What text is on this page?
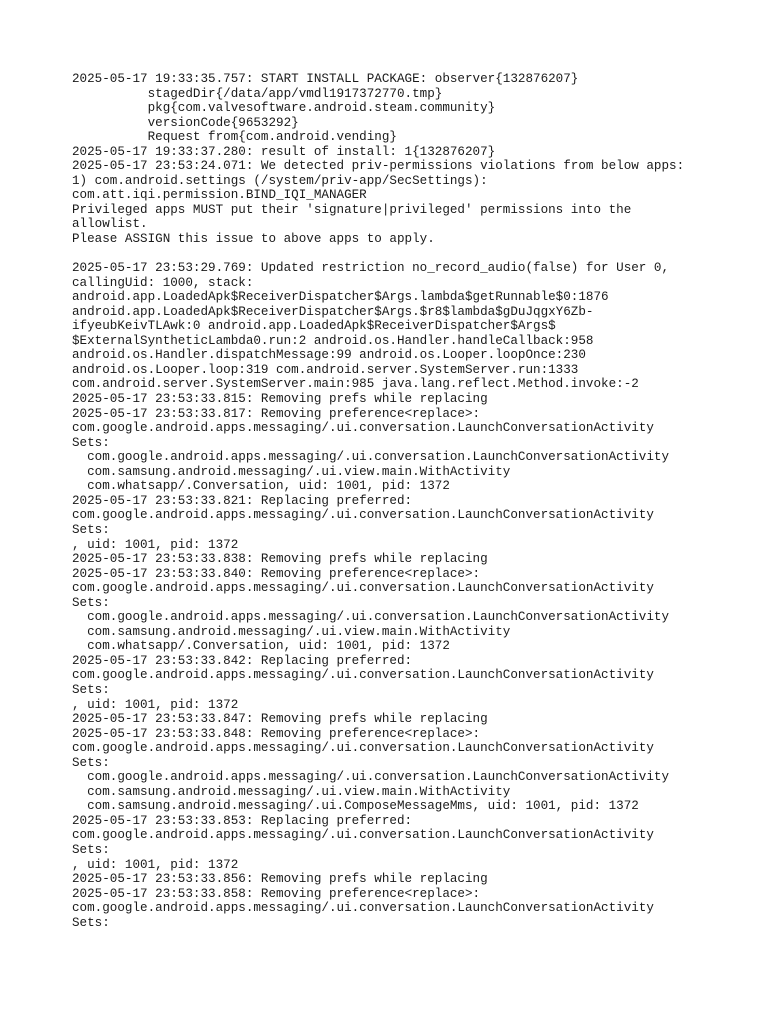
2025-05-17 19:33:35.757: START INSTALL PACKAGE: observer{132876207}
stagedDir{/data/app/vmdl1917372770.tmp}
pkg{com.valvesoftware.android.steam.community}
versionCode{9653292}
Request from{com.android.vending}
2025-05-17 19:33:37.280: result of install: 1{132876207}
2025-05-17 23:53:24.071: We detected priv-permissions violations from below apps:
1) com.android.settings (/system/priv-app/SecSettings):
com.att.iqi.permission.BIND_IQI_MANAGER
Privileged apps MUST put their 'signature|privileged' permissions into the
allowlist.
Please ASSIGN this issue to above apps to apply.
2025-05-17 23:53:29.769: Updated restriction no_record_audio(false) for User 0,
callingUid: 1000, stack:
android.app.LoadedApk$ReceiverDispatcher$Args.lambda$getRunnable$0:1876
android.app.LoadedApk$ReceiverDispatcher$Args.$r8$lambda$gDuJqgxY6Zb-
ifyeubKeivTLAwk:0 android.app.LoadedApk$ReceiverDispatcher$Args$
$ExternalSyntheticLambda0.run:2 android.os.Handler.handleCallback:958
android.os.Handler.dispatchMessage:99 android.os.Looper.loopOnce:230
android.os.Looper.loop:319 com.android.server.SystemServer.run:1333
com.android.server.SystemServer.main:985 java.lang.reflect.Method.invoke:-2
2025-05-17 23:53:33.815: Removing prefs while replacing
2025-05-17 23:53:33.817: Removing preference<replace>:
com.google.android.apps.messaging/.ui.conversation.LaunchConversationActivity
Sets:
com.google.android.apps.messaging/.ui.conversation.LaunchConversationActivity
com.samsung.android.messaging/.ui.view.main.WithActivity
com.whatsapp/.Conversation, uid: 1001, pid: 1372
2025-05-17 23:53:33.821: Replacing preferred:
com.google.android.apps.messaging/.ui.conversation.LaunchConversationActivity
Sets:
, uid: 1001, pid: 1372
2025-05-17 23:53:33.838: Removing prefs while replacing
2025-05-17 23:53:33.840: Removing preference<replace>:
com.google.android.apps.messaging/.ui.conversation.LaunchConversationActivity
Sets:
com.google.android.apps.messaging/.ui.conversation.LaunchConversationActivity
com.samsung.android.messaging/.ui.view.main.WithActivity
com.whatsapp/.Conversation, uid: 1001, pid: 1372
2025-05-17 23:53:33.842: Replacing preferred:
com.google.android.apps.messaging/.ui.conversation.LaunchConversationActivity
Sets:
, uid: 1001, pid: 1372
2025-05-17 23:53:33.847: Removing prefs while replacing
2025-05-17 23:53:33.848: Removing preference<replace>:
com.google.android.apps.messaging/.ui.conversation.LaunchConversationActivity
Sets:
com.google.android.apps.messaging/.ui.conversation.LaunchConversationActivity
com.samsung.android.messaging/.ui.view.main.WithActivity
com.samsung.android.messaging/.ui.ComposeMessageMms, uid: 1001, pid: 1372
2025-05-17 23:53:33.853: Replacing preferred:
com.google.android.apps.messaging/.ui.conversation.LaunchConversationActivity
Sets:
, uid: 1001, pid: 1372
2025-05-17 23:53:33.856: Removing prefs while replacing
2025-05-17 23:53:33.858: Removing preference<replace>:
com.google.android.apps.messaging/.ui.conversation.LaunchConversationActivity
Sets:
